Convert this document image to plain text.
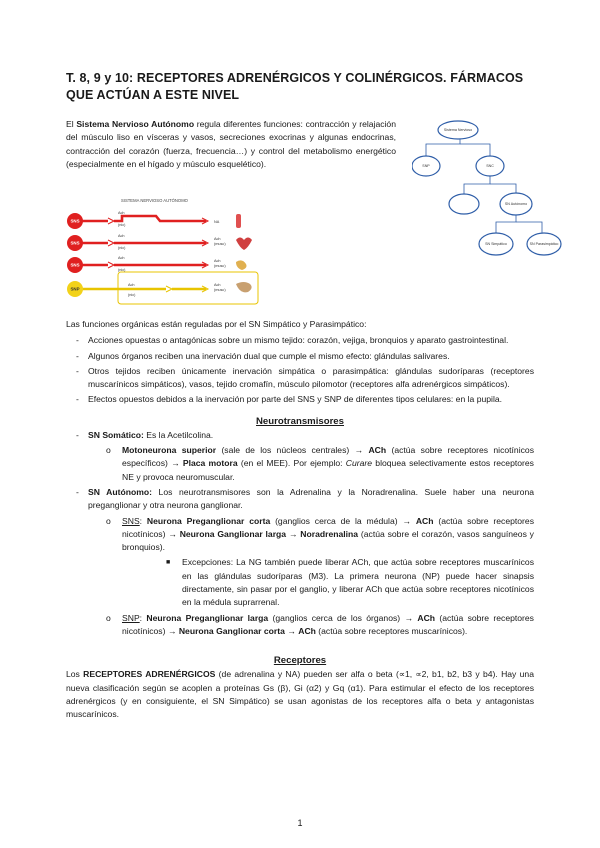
T. 8, 9 y 10: RECEPTORES ADRENÉRGICOS Y COLINÉRGICOS. FÁRMACOS QUE ACTÚAN A ESTE NIVEL
El Sistema Nervioso Autónomo regula diferentes funciones: contracción y relajación del músculo liso en vísceras y vasos, secreciones exocrinas y algunas endocrinas, contracción del corazón (fuerza, frecuencia…) y control del metabolismo energético (especialmente en el hígado y músculo esquelético).
Sistema Nervioso
SNP	SNC
SN Autónomo
SN Simpático	SN Parasimpático
SISTEMA NERVIOSO AUTÓNOMO
SNS
SNS
SNS
SNP
Ach
Ach
Ach
Ach
(nic)
(nic)
(nic)
(nic)
NA
Ach
(musc)
Ach
(musc)
Ach
(musc)

Las funciones orgánicas están reguladas por el SN Simpático y Parasimpático:

- Acciones opuestas o antagónicas sobre un mismo tejido: corazón, vejiga, bronquios y aparato gastrointestinal.
- Algunos órganos reciben una inervación dual que cumple el mismo efecto: glándulas salivares.
- Otros tejidos reciben únicamente inervación simpática o parasimpática: glándulas sudoríparas (receptores muscarínicos simpáticos), vasos, tejido cromafín, músculo pilomotor (receptores alfa adrenérgicos simpáticos).
- Efectos opuestos debidos a la inervación por parte del SNS y SNP de diferentes tipos celulares: en la pupila.

Neurotransmisores

- SN Somático: Es la Acetilcolina.
o Motoneurona superior (sale de los núcleos centrales) → ACh (actúa sobre receptores nicotínicos específicos) → Placa motora (en el MEE). Por ejemplo: Curare bloquea selectivamente estos receptores NE y provoca neuromuscular.
- SN Autónomo: Los neurotransmisores son la Adrenalina y la Noradrenalina. Suele haber una neurona preganglionar y otra neurona ganglionar.
o SNS: Neurona Preganglionar corta (ganglios cerca de la médula) → ACh (actúa sobre receptores nicotínicos) → Neurona Ganglionar larga → Noradrenalina (actúa sobre el corazón, vasos sanguíneos y bronquios).
■ Excepciones: La NG también puede liberar ACh, que actúa sobre receptores muscarínicos en las glándulas sudoríparas (M3). La primera neurona (NP) puede hacer sinapsis directamente, sin pasar por el ganglio, y liberar ACh que actúa sobre receptores nicotínicos en la médula suprarrenal.
o SNP: Neurona Preganglionar larga (ganglios cerca de los órganos) → ACh (actúa sobre receptores nicotínicos) → Neurona Ganglionar corta → ACh (actúa sobre receptores muscarínicos).

Receptores

Los RECEPTORES ADRENÉRGICOS (de adrenalina y NA) pueden ser alfa o beta (∝1, ∝2, b1, b2, b3 y b4). Hay una nueva clasificación según se acoplen a proteínas Gs (β), Gi (α2) y Gq (α1). Para estimular el efecto de los receptores adrenérgicos (y en consiguiente, el SN Simpático) se usan agonistas de los receptores alfa o beta y antagonistas muscarínicos.

1
